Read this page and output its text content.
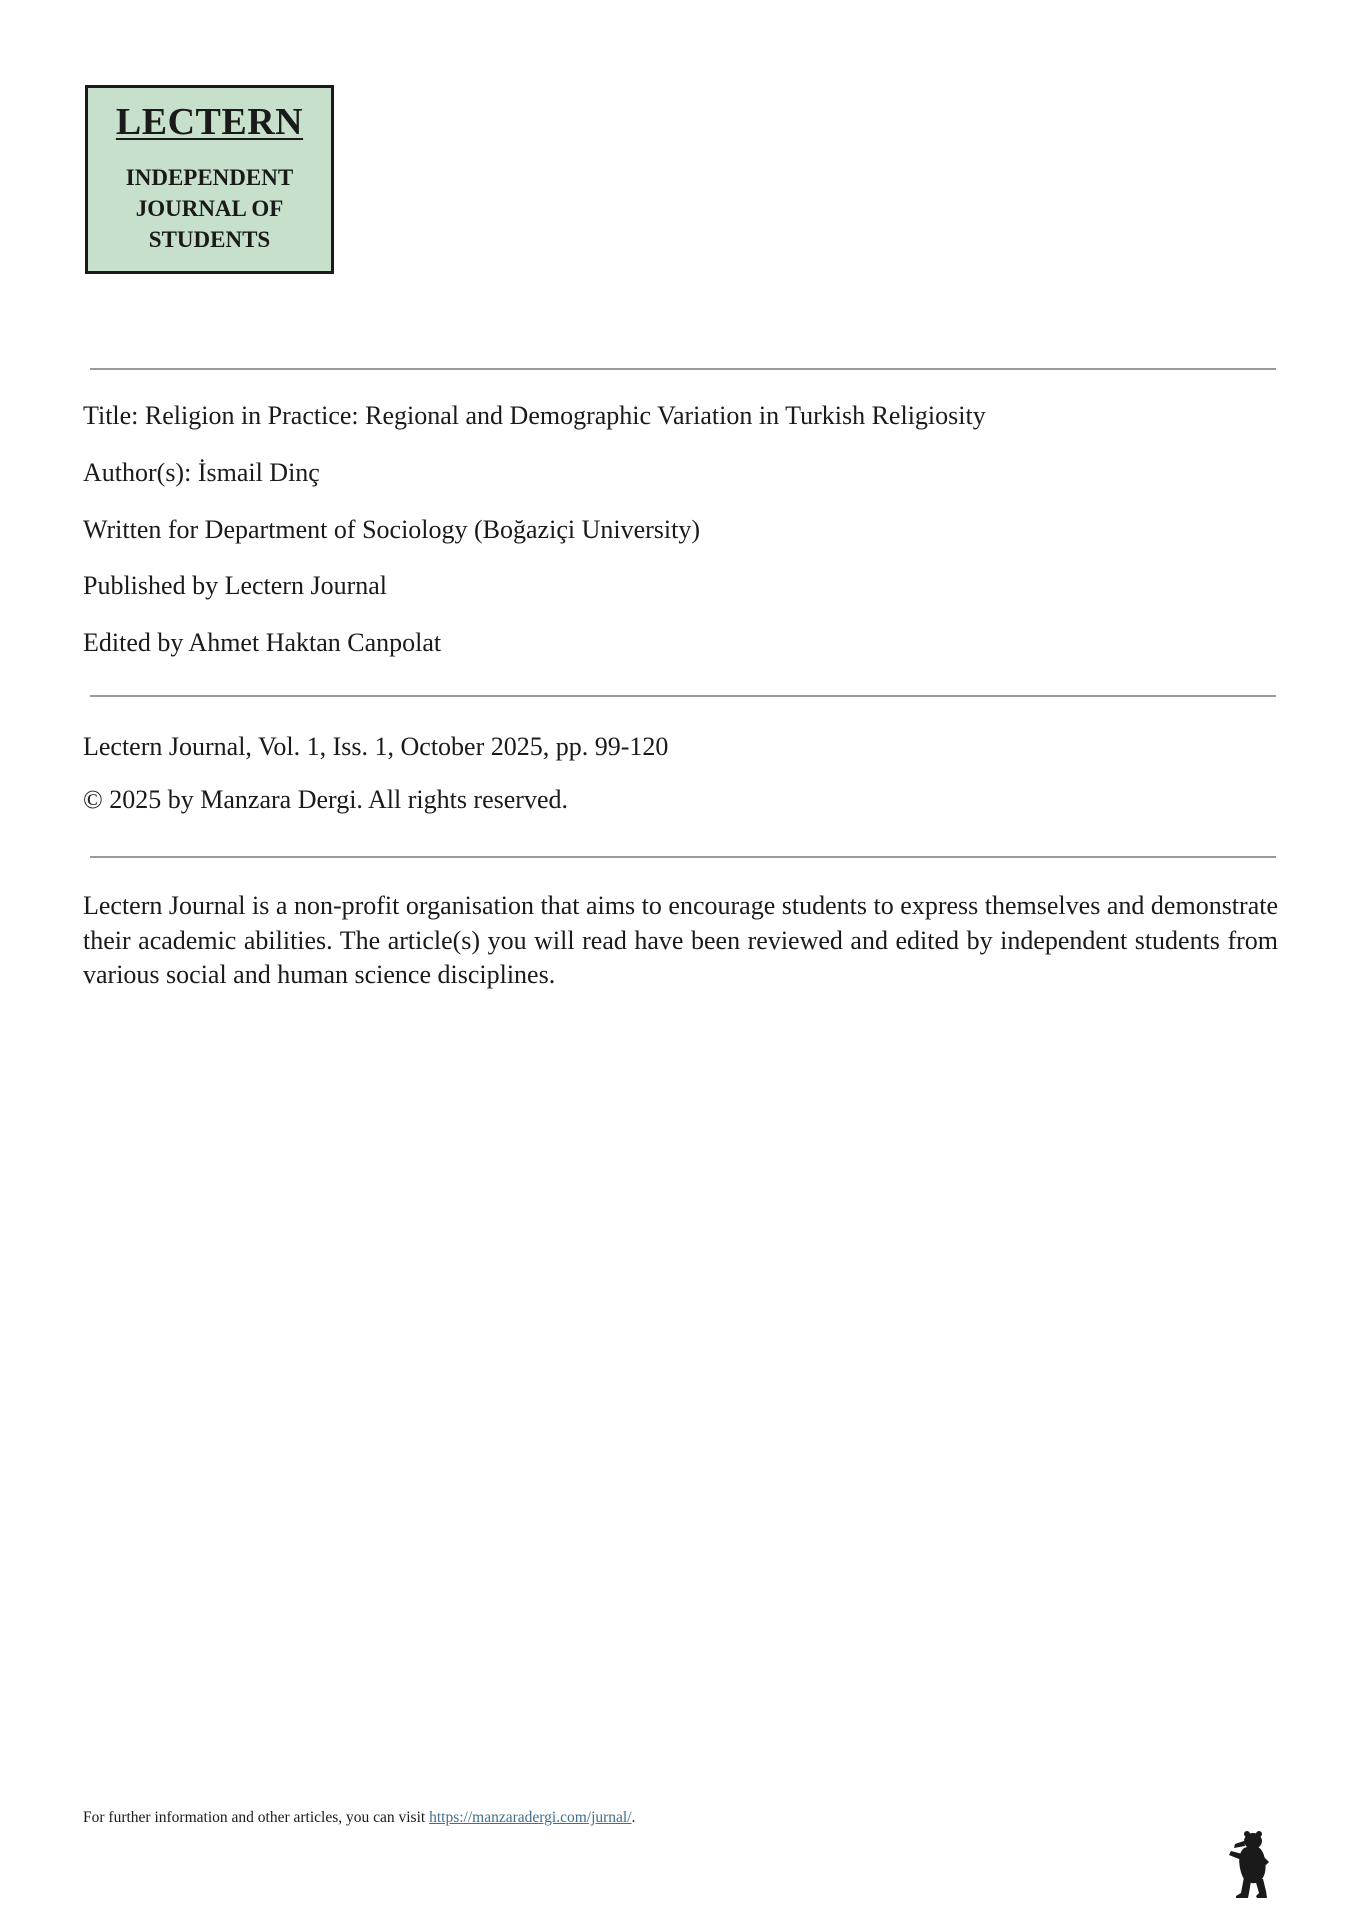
LECTERN
INDEPENDENT
JOURNAL OF
STUDENTS
Title: Religion in Practice: Regional and Demographic Variation in Turkish Religiosity
Author(s): İsmail Dinç
Written for Department of Sociology (Boğaziçi University)
Published by Lectern Journal
Edited by Ahmet Haktan Canpolat
Lectern Journal, Vol. 1, Iss. 1, October 2025, pp. 99-120
© 2025 by Manzara Dergi. All rights reserved.

Lectern Journal is a non-profit organisation that aims to encourage students to express themselves and demonstrate their academic abilities. The article(s) you will read have been reviewed and edited by independent students from various social and human science disciplines.

For further information and other articles, you can visit https://manzaradergi.com/jurnal/.
